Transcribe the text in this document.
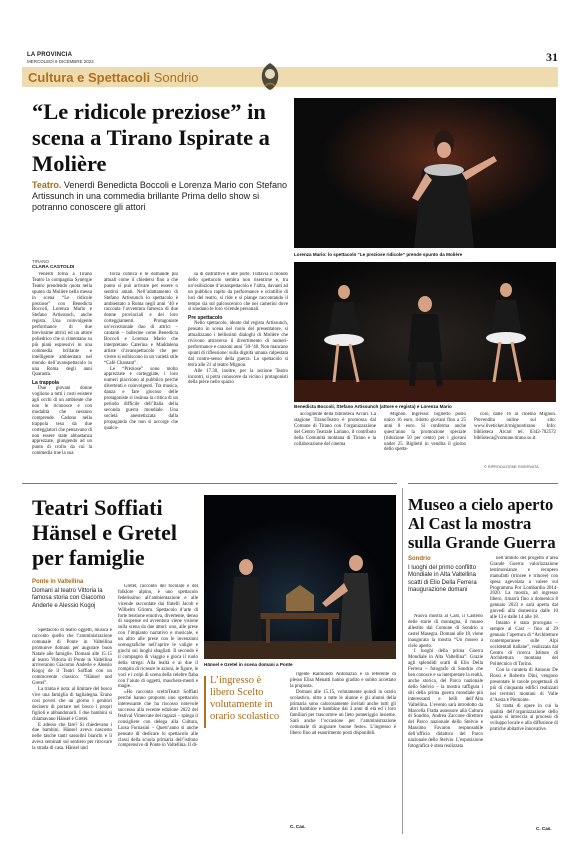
LA PROVINCIA
MERCOLEDÌ 9 DICEMBRE 2022	31
Cultura e Spettacoli Sondrio
“Le ridicole preziose” in scena a Tirano Ispirate a Molière
Teatro. Venerdì Benedicta Boccoli e Lorenza Mario con Stefano Artissunch in una commedia brillante Prima dello show si potranno conoscere gli attori
TIRANO
CLARA CASTOLDI

Venerdì torna a Tirano Teatro la compagnia Synergie Teatro prendendo quota nella spunto da Molière nella messa in scena “Le ridicole preziose” con Benedicta Boccoli, Lorenza Mario e Stefano Artissunch, anche regista. Una coinvolgente performance di due brevissime attrici ed un attore poliedrico che si cimentano su più piani espressivi in una commedia brillante e intelligente ambientata nel mondo dell’avanspettacolo in una Roma degli anni Quaranta.

La trappola

Due giovani donne vogliono a tutti i costi esistere agli occhi di un ambiente che non le riconosce e con modalità che nessuno comprende. Cadono nella trappola tesa da due corteggiatori che pensavano di non essere state abbastanza apprezzate, giungendo ad un punto di crollo da cui la commedia trae la sua

forza comica e le domande più attuali come il chiedersi fino a che punto si può arrivare per essere o sentirsi amati. Nell’adattamento di Stefano Artissunch lo spettacolo è ambientato a Roma negli anni ’40 e racconta l’avventura farsesca di due donne provinciali e dei loro corteggiamenti. Protagoniste un’eccezionale duo di attrici – cantanti – ballerine come Benedicta Boccoli e Lorenza Mario che interpretano Caterina e Maddalena artiste d’avanspettacolo che per vivere si esibiscono in un varietà stile “Café Chantant”.

Le “Preziose” sono molto apprezzate e corteggiate, i loro numeri piacciono al pubblico perché divertenti e coinvolgenti. Tra musica, danza e fare giocoso delle protagoniste si insinua la critica di un periodo difficile dell’Italia della seconda guerra mondiale. Una società anestetizzata dalla propaganda che non si accorge che qualco-

sa di distruttivo è alle porte. Tuttavia il mondo dello spettacolo sembra non risentirne e, tra un’esibizione d’avanspettacolo e l’altra, davanti ad un pubblico rapito da performance e scintillio di luci del teatro, si ride e si piange raccontando il tempo sia sul palcoscenico che nei camerini dove si snodano le loro vicende personali.

Pre spettacolo

Nello spettacolo, ideato dal regista Artissunch, pensato in scena nel ruolo del presentatore, si attualizzano i bellissimi dialoghi di Molière che rivivono attraverso il divertimento di numeri-performance e canzoni anni ’30-’40. Non mancano spunti di riflessione: sulla dignità umana calpestata dal contro-senso della guerra. Lo spettacolo si terrà alle 21 al teatro Mignon.

Alle 17.30, inoltre, per la sezione Teatro incontri, si potrà conoscere da vicino i protagonisti della pièce nello spazio

Lorenza Mario: lo spettacolo “Le preziose ridicole” prende spunto da Molière
Benedicta Boccoli, Stefano Artissunch (attore e regista) e Lorenza Mario

accogliente della biblioteca Arcari. La stagione TiranoTeatro è promossa dal Comune di Tirano con l’organizzazione del Centro Teatrale Lariano, il contributo della Comunità montana di Tirano e la collaborazione del cinema

Mignon. Ingresso: biglietto posto unico 16 euro, ridotto giovani fino a 25 anni 8 euro. Si conferma anche quest’anno la promozione speciale (riduzione 50 per cento) per i giovani under 25. Biglietti in vendita il giorno dello spetta-

colo, dalle 16 al cinema Mignon. Prevendita online sul sito: www.liveticket.it/mignontirano Info: biblioteca Arcari tel. 0342-702572 biblioteca@comune.tirano.so.it.

© RIPRODUZIONE RISERVATA
Teatri Soffiati Hänsel e Gretel per famiglie
Ponte in Valtellina
Domani al teatro Vittoria la famosa storia con Giacomo Anderle e Alessio Kogoj

Spettacolo di teatro oggetti, musica e racconto quello che l’amministrazione comunale di Ponte in Valtellina promuove domani per augurare buon Natale alle famiglie. Domani alle 15.15 al teatro Vittoria di Ponte in Valtellina arriveranno Giacomo Anderle e Alessio Kogoj de il Teatri Soffiati con un commovente classico: “Hänsel und Gretel”.

La trama è nota: al limitare del bosco vive una famiglia di taglialegna. Erano così poveri che un giorno i genitori decisero di portare nel bosco i propri figlioli e abbandonarli. I due bambini si chiamavano Hänsel e Gretel.

E adesso che fare? Si chiedevano i due bambini. Hänsel aveva nascosto nelle tasche tanti sassolini bianchi e li aveva seminati sul sentiero per ritrovare la strada di casa. Hänsel und

Gretel, racconto del focolare e del folklore alpino, è uno spettacolo fedelissimo all’ambientazione e alle vicende raccontate dai fratelli Jacob e Wilhelm Grimm. Spettacolo d’arte di forte tensione emotiva, divertente, denso di suspense ed avventura viene visione sulla scena da due attori: uno, alle prese con l’impianto narrativo e musicale, e un altro alle prese con le invenzioni scenografiche nell’aprire le valigie e giochi sui luoghi sbagliati. Il secondo è il compagno di viaggio e gioca il ruolo della strega: Alla lealtà e ai due il compito di ricreare le azioni, le figure, le voci e i colpi di scena della celebre fiaba con l’aiuto di oggetti, maschera-menti e magie.

«Ho racconto sceltoTeatri Soffiati perché hanno proposto uno spettacolo interessante che ha riscosso notevole successo alla recente edizione 2022 del festival Vimercate dei ragazzi – spiega il consigliere con delega alla Cultura, Luisa Fornasini – Quest’anno si anche pensato di dedicare lo spettacolo alle classi della scuola primaria dell’istituto comprensivo di Ponte in Valtellina. Il di-

Hänsel e Gretel in scena domani a Ponte

rigente Raimondo Antonazzo e la referente di plesso Elisa Menatti hanno gradito e subito accettato la proposta.

Domani alle 15.15, volutamente quindi in orario scolastico, oltre a tutte le alunne e gli alunni della primaria sono calorosamente invitati anche tutti gli altri bambine e bambine dai 3 anni di età ed i loro familiari per trascorrere un lieto pomeriggio insieme. Sarà anche l’occasione per l’amministrazione comunale di augurare buone feste». L’ingresso è libero fino ad esaurimento posti disponibili.

C. Cas.
L’ingresso è libero Scelto volutamente in orario scolastico
Museo a cielo aperto Al Cast la mostra sulla Grande Guerra
Sondrio
I luoghi del primo conflitto Mondiale in Alta Valtellina scatti di Elio Della Ferrera Inaugurazione domani

Nuova mostra al Cast, il Castello delle storie di montagna, il museo allestito dal Comune di Sondrio a castel Masegra. Domani alle 18, viene inaugurata la mostra “Un museo a cielo aperto.

I luoghi della prima Guerra Mondiale in Alta Valtellina”. Grazie agli splendidi scatti di Elio Della Ferrera – fotografo di Sondrio che ben conosce e sa interpretare la realtà, anche storica, del Parco nazionale dello Stelvio – la mostra raffigura i siti della prima guerra mondiale più interessanti e belli dell’Alta Valtellina. L’evento sarà introdotto da Marcella Fratta assessore alla Cultura di Sondrio, Andrea Zaccone direttore del Parco nazionale dello Stelvio e Massimo Favaron responsabile dell’ufficio didattico del Parco nazionale dello Stelvio. L’esposizione fotografica è stata realizzata

nell’ambito del progetto d’area Grande Guerra: valorizzazione testimonianze e recupero manufatti (trincee e trincee) con spesa agevolata a valere sul Programma Por Lombardia 2014-2020. La mostra, ad ingresso libero, rimarrà fino a domenica 8 gennaio 2023 e sarà aperta dal giovedì alla domenica dalle 10 alle 13 e dalle 14 alle 18.

Intanto è stata prorogata – sempre al Cast – fino al 29 gennaio l’apertura di “Architetture contemporanee sulle Alpi occidentali italiane”, realizzata dal Centro di ricerca Istituto di Architettura montana del Politecnico di Torino.

Con la curatela di Antonio De Rossi e Roberto Dini, vengono presentate le tavole progettuali di più di cinquanta edifici realizzati nei territori montani di Valle d’Aosta e Piemonte.

Si tratta di opere in cui la qualità dell’organizzazione dello spazio si intreccia ai processi di sviluppo locale e alla diffusione di pratiche abitative innovative.

C. Cas.
